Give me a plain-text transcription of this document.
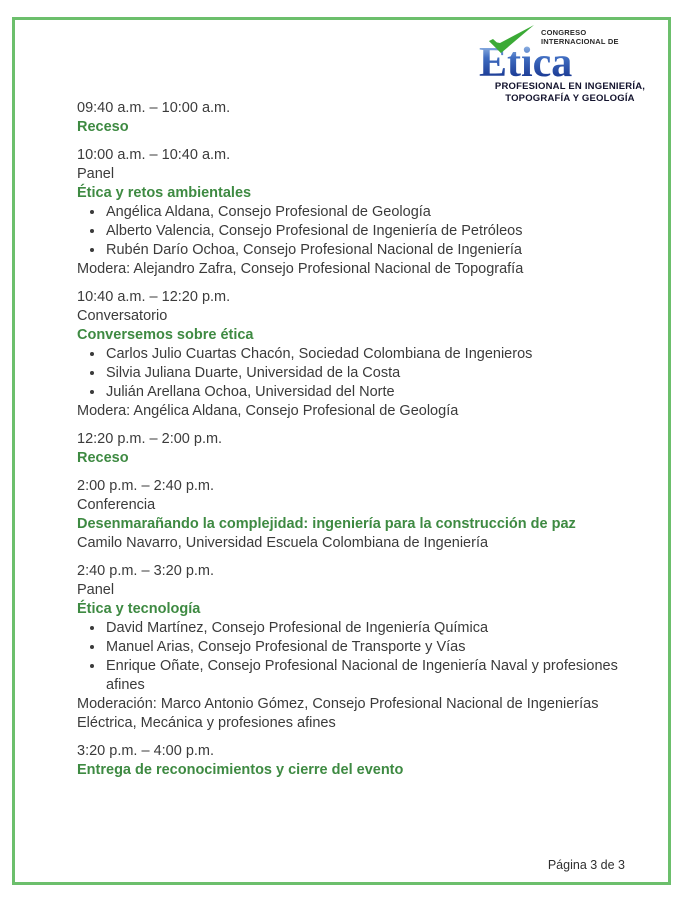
CONGRESO
INTERNACIONAL DE
Ética
PROFESIONAL EN INGENIERÍA,
TOPOGRAFÍA Y GEOLOGÍA

09:40 a.m. – 10:00 a.m.

Receso

10:00 a.m. – 10:40 a.m.

Panel

Ética y retos ambientales

• Angélica Aldana, Consejo Profesional de Geología
• Alberto Valencia, Consejo Profesional de Ingeniería de Petróleos
• Rubén Darío Ochoa, Consejo Profesional Nacional de Ingeniería

Modera: Alejandro Zafra, Consejo Profesional Nacional de Topografía

10:40 a.m. – 12:20 p.m.

Conversatorio

Conversemos sobre ética

• Carlos Julio Cuartas Chacón, Sociedad Colombiana de Ingenieros
• Silvia Juliana Duarte, Universidad de la Costa
• Julián Arellana Ochoa, Universidad del Norte

Modera: Angélica Aldana, Consejo Profesional de Geología

12:20 p.m. – 2:00 p.m.

Receso

2:00 p.m. – 2:40 p.m.

Conferencia

Desenmarañando la complejidad: ingeniería para la construcción de paz

Camilo Navarro, Universidad Escuela Colombiana de Ingeniería

2:40 p.m. – 3:20 p.m.

Panel

Ética y tecnología

• David Martínez, Consejo Profesional de Ingeniería Química
• Manuel Arias, Consejo Profesional de Transporte y Vías
• Enrique Oñate, Consejo Profesional Nacional de Ingeniería Naval y profesiones afines

Moderación: Marco Antonio Gómez, Consejo Profesional Nacional de Ingenierías Eléctrica, Mecánica y profesiones afines

3:20 p.m. – 4:00 p.m.

Entrega de reconocimientos y cierre del evento

Página 3 de 3
